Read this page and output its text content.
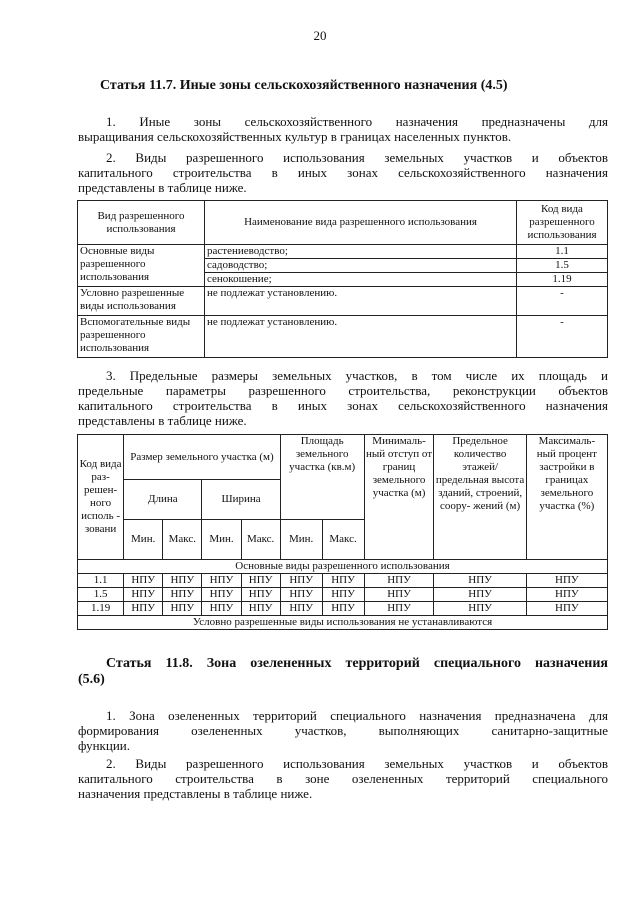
20
Статья 11.7. Иные зоны сельскохозяйственного назначения (4.5)
1. Иные зоны сельскохозяйственного назначения предназначены для
выращивания сельскохозяйственных культур в границах населенных пунктов.
2. Виды разрешенного использования земельных участков и объектов
капитального строительства в иных зонах сельскохозяйственного назначения
представлены в таблице ниже.
Вид разрешенного использования	Наименование вида разрешенного использования	Код вида разрешенного использования
Основные виды разрешенного использования	растениеводство;	1.1
	садоводство;	1.5
	сенокошение;	1.19
Условно разрешенные виды использования	не подлежат установлению.	-
Вспомогательные виды разрешенного использования	не подлежат установлению.	-
3. Предельные размеры земельных участков, в том числе их площадь и
предельные параметры разрешенного строительства, реконструкции объектов
капитального строительства в иных зонах сельскохозяйственного назначения
представлены в таблице ниже.
Код вида раз- решен- ного исполь - зовани	Размер земельного участка (м)				Площадь земельного участка (кв.м)		Минималь- ный отступ от границ земельного участка (м)	Предельное количество этажей/ предельная высота зданий, строений, соору- жений (м)	Максималь- ный процент застройки в границах земельного участка (%)
	Длина		Ширина						
	Мин.	Макс.	Мин.	Макс.	Мин.	Макс.			
Основные виды разрешенного использования									
1.1	НПУ	НПУ	НПУ	НПУ	НПУ	НПУ	НПУ	НПУ	НПУ
1.5	НПУ	НПУ	НПУ	НПУ	НПУ	НПУ	НПУ	НПУ	НПУ
1.19	НПУ	НПУ	НПУ	НПУ	НПУ	НПУ	НПУ	НПУ	НПУ
Условно разрешенные виды использования не устанавливаются									
Статья 11.8. Зона озелененных территорий специального назначения
(5.6)
1. Зона озелененных территорий специального назначения предназначена для
формирования озелененных участков, выполняющих санитарно-защитные
функции.
2. Виды разрешенного использования земельных участков и объектов
капитального строительства в зоне озелененных территорий специального
назначения представлены в таблице ниже.
